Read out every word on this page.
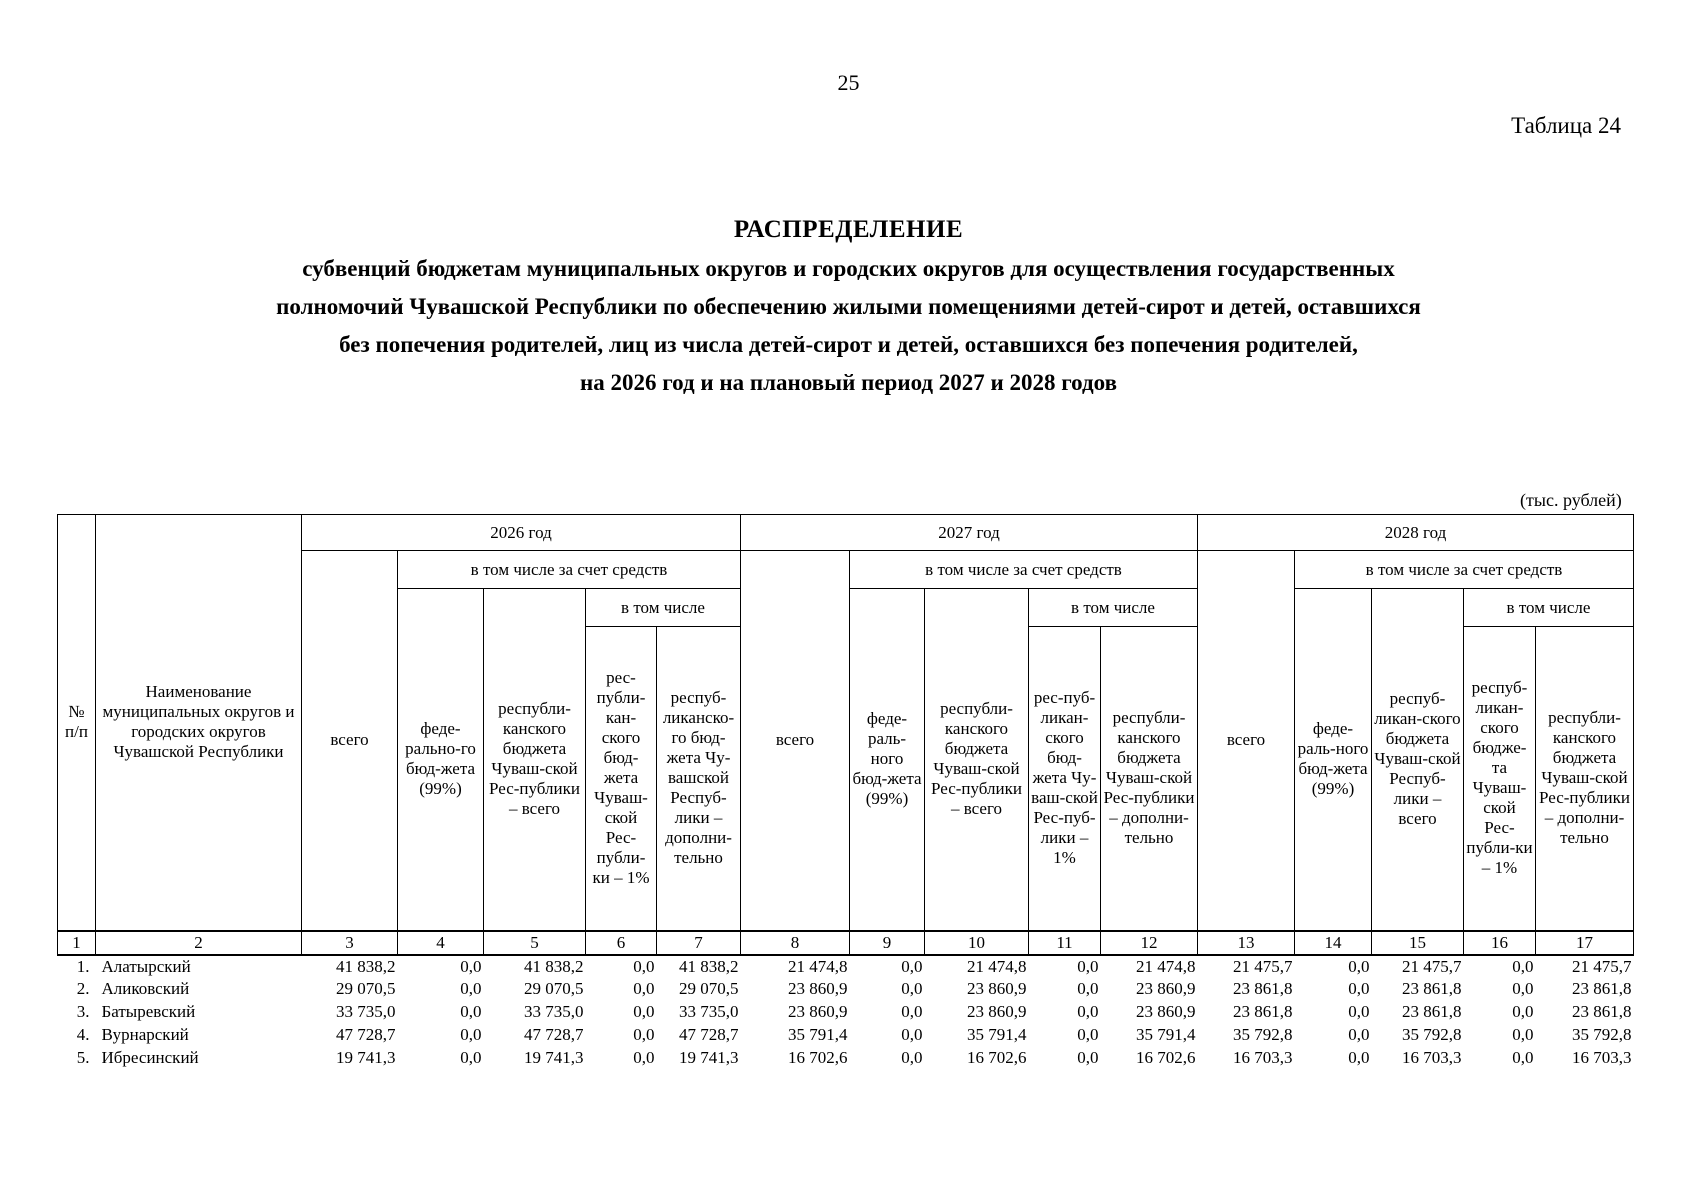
25
Таблица 24
РАСПРЕДЕЛЕНИЕ
субвенций бюджетам муниципальных округов и городских округов для осуществления государственных
полномочий Чувашской Республики по обеспечению жилыми помещениями детей-сирот и детей, оставшихся
без попечения родителей, лиц из числа детей-сирот и детей, оставшихся без попечения родителей,
на 2026 год и на плановый период 2027 и 2028 годов
(тыс. рублей)
№ п/п	Наименование муниципальных округов и городских округов Чувашской Республики	2026 год					2027 год					2028 год				
		всего	в том числе за счет средств				всего	в том числе за счет средств				всего	в том числе за счет средств			
			феде-рально-го бюд-жета (99%)	республи-канского бюджета Чуваш-ской Рес-публики – всего	в том числе			феде-раль-ного бюд-жета (99%)	республи-канского бюджета Чуваш-ской Рес-публики – всего	в том числе			феде-раль-ного бюд-жета (99%)	респуб-ликан-ского бюджета Чуваш-ской Респуб-лики – всего	в том числе	
					рес-публи-кан-ского бюд-жета Чуваш-ской Рес-публи-ки – 1%	респуб-ликанско-го бюд-жета Чу-вашской Респуб-лики – дополни-тельно				рес-пуб-ликан-ского бюд-жета Чу-ваш-ской Рес-пуб-лики – 1%	республи-канского бюджета Чуваш-ской Рес-публики – дополни-тельно				респуб-ликан-ского бюдже-та Чуваш-ской Рес-публи-ки – 1%	республи-канского бюджета Чуваш-ской Рес-публики – дополни-тельно
1	2	3	4	5	6	7	8	9	10	11	12	13	14	15	16	17
1.	Алатырский	41 838,2	0,0	41 838,2	0,0	41 838,2	21 474,8	0,0	21 474,8	0,0	21 474,8	21 475,7	0,0	21 475,7	0,0	21 475,7
2.	Аликовский	29 070,5	0,0	29 070,5	0,0	29 070,5	23 860,9	0,0	23 860,9	0,0	23 860,9	23 861,8	0,0	23 861,8	0,0	23 861,8
3.	Батыревский	33 735,0	0,0	33 735,0	0,0	33 735,0	23 860,9	0,0	23 860,9	0,0	23 860,9	23 861,8	0,0	23 861,8	0,0	23 861,8
4.	Вурнарский	47 728,7	0,0	47 728,7	0,0	47 728,7	35 791,4	0,0	35 791,4	0,0	35 791,4	35 792,8	0,0	35 792,8	0,0	35 792,8
5.	Ибресинский	19 741,3	0,0	19 741,3	0,0	19 741,3	16 702,6	0,0	16 702,6	0,0	16 702,6	16 703,3	0,0	16 703,3	0,0	16 703,3
